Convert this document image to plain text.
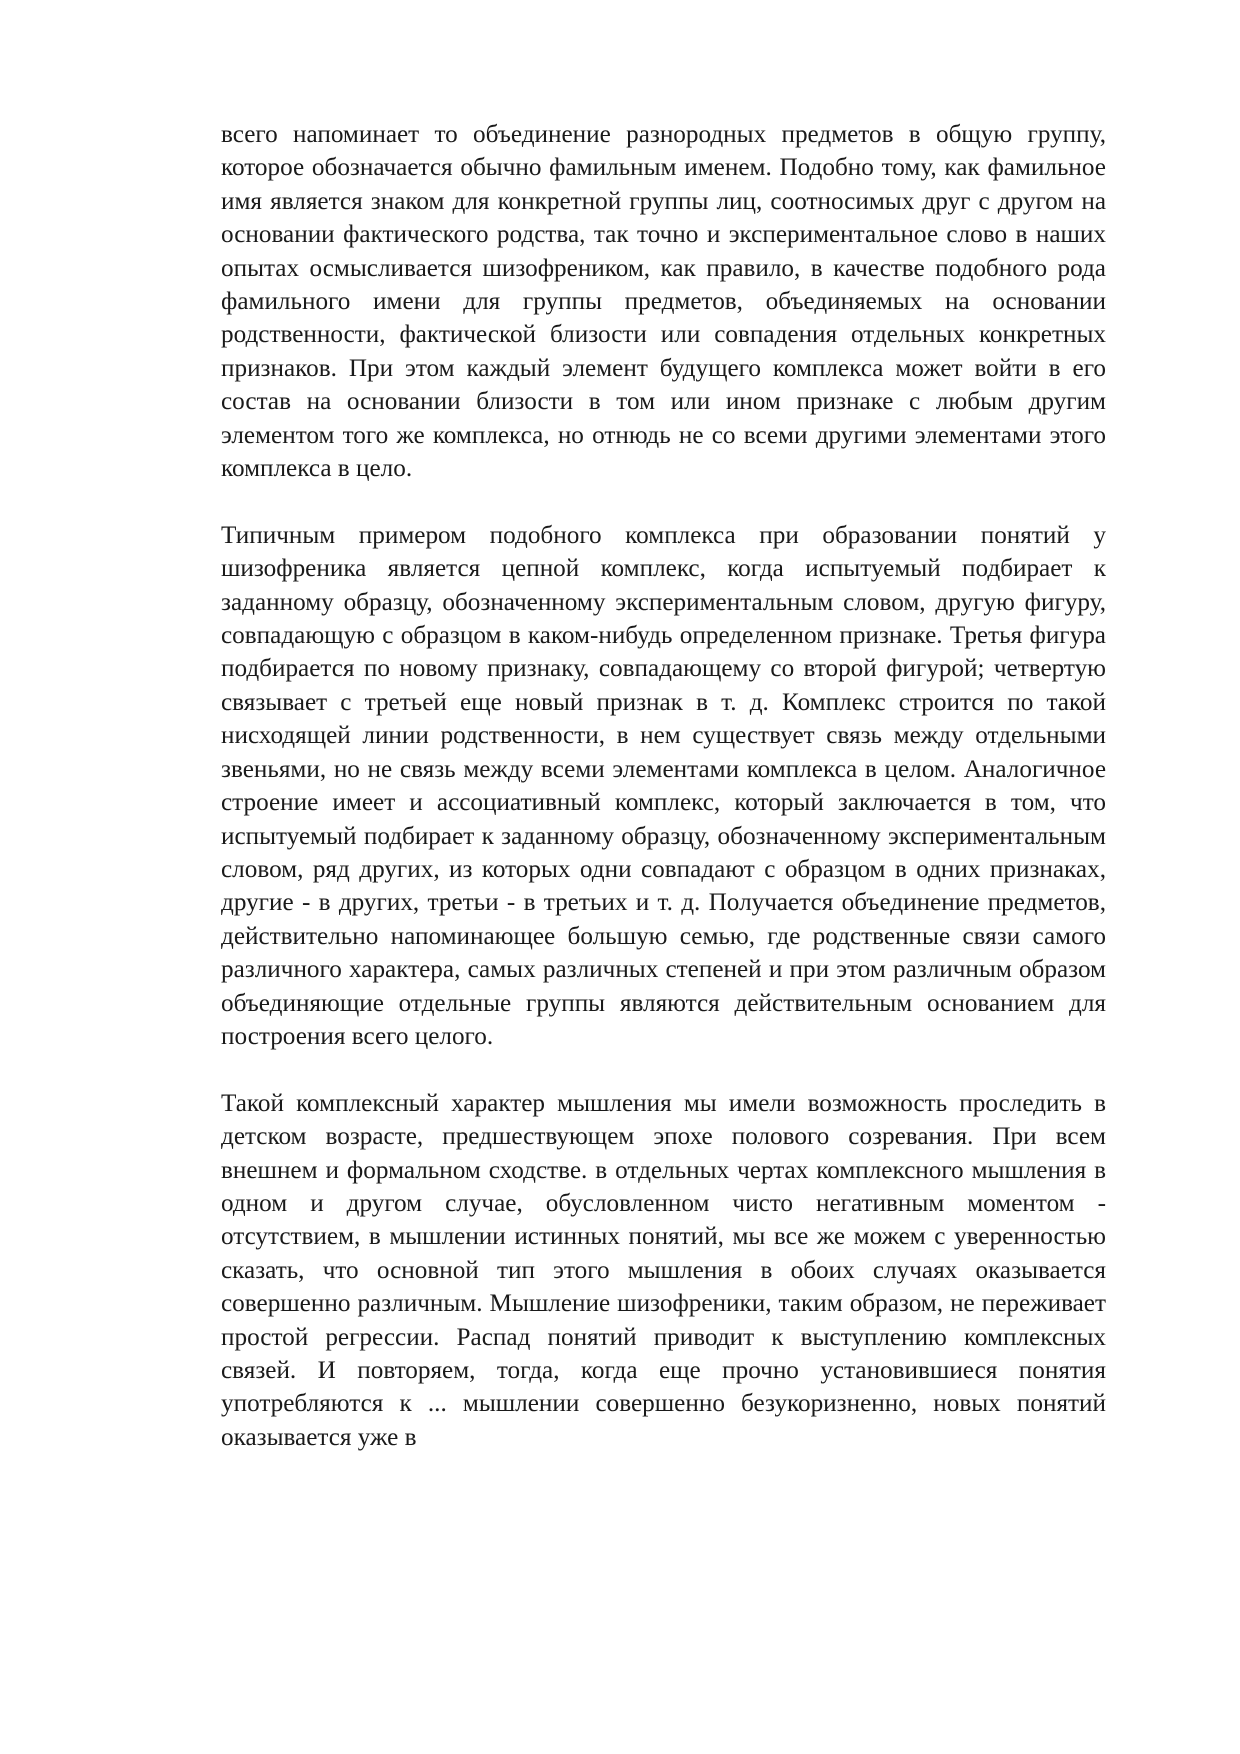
всего напоминает то объединение разнородных предметов в общую группу, которое обозначается обычно фамильным именем. Подобно тому, как фамильное имя является знаком для конкретной группы лиц, соотносимых друг с другом на основании фактического родства, так точно и экспериментальное слово в наших опытах осмысливается шизофреником, как правило, в качестве подобного рода фамильного имени для группы предметов, объединяемых на основании родственности, фактической близости или совпадения отдельных конкретных признаков. При этом каждый элемент будущего комплекса может войти в его состав на основании близости в том или ином признаке с любым другим элементом того же комплекса, но отнюдь не со всеми другими элементами этого комплекса в цело.

Типичным примером подобного комплекса при образовании понятий у шизофреника является цепной комплекс, когда испытуемый подбирает к заданному образцу, обозначенному экспериментальным словом, другую фигуру, совпадающую с образцом в каком-нибудь определенном признаке. Третья фигура подбирается по новому признаку, совпадающему со второй фигурой; четвертую связывает с третьей еще новый признак в т. д. Комплекс строится по такой нисходящей линии родственности, в нем существует связь между отдельными звеньями, но не связь между всеми элементами комплекса в целом. Аналогичное строение имеет и ассоциативный комплекс, который заключается в том, что испытуемый подбирает к заданному образцу, обозначенному экспериментальным словом, ряд других, из которых одни совпадают с образцом в одних признаках, другие - в других, третьи - в третьих и т. д. Получается объединение предметов, действительно напоминающее большую семью, где родственные связи самого различного характера, самых различных степеней и при этом различным образом объединяющие отдельные группы являются действительным основанием для построения всего целого.

Такой комплексный характер мышления мы имели возможность проследить в детском возрасте, предшествующем эпохе полового созревания. При всем внешнем и формальном сходстве. в отдельных чертах комплексного мышления в одном и другом случае, обусловленном чисто негативным моментом - отсутствием, в мышлении истинных понятий, мы все же можем с уверенностью сказать, что основной тип этого мышления в обоих случаях оказывается совершенно различным. Мышление шизофреники, таким образом, не переживает простой регрессии. Распад понятий приводит к выступлению комплексных связей. И повторяем, тогда, когда еще прочно установившиеся понятия употребляются к ... мышлении совершенно безукоризненно, новых понятий оказывается уже в
